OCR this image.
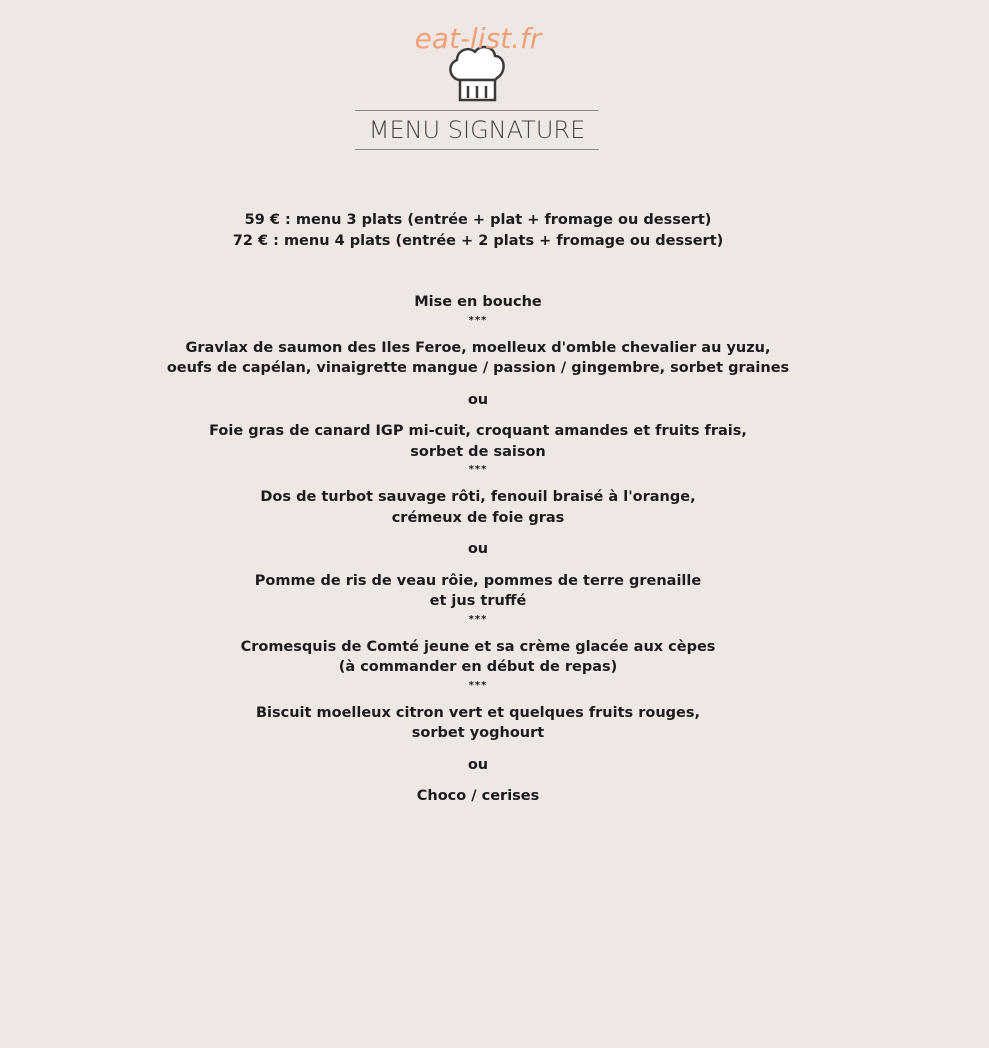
eat-list.fr
MENU SIGNATURE
59 € : menu 3 plats (entrée + plat + fromage ou dessert)
72 € : menu 4 plats (entrée + 2 plats + fromage ou dessert)
Mise en bouche
***
Gravlax de saumon des Iles Feroe, moelleux d'omble chevalier au yuzu,
oeufs de capélan, vinaigrette mangue / passion / gingembre, sorbet graines
ou
Foie gras de canard IGP mi-cuit, croquant amandes et fruits frais,
sorbet de saison
***
Dos de turbot sauvage rôti, fenouil braisé à l'orange,
crémeux de foie gras
ou
Pomme de ris de veau rôie, pommes de terre grenaille
et jus truffé
***
Cromesquis de Comté jeune et sa crème glacée aux cèpes
(à commander en début de repas)
***
Biscuit moelleux citron vert et quelques fruits rouges,
sorbet yoghourt
ou
Choco / cerises
